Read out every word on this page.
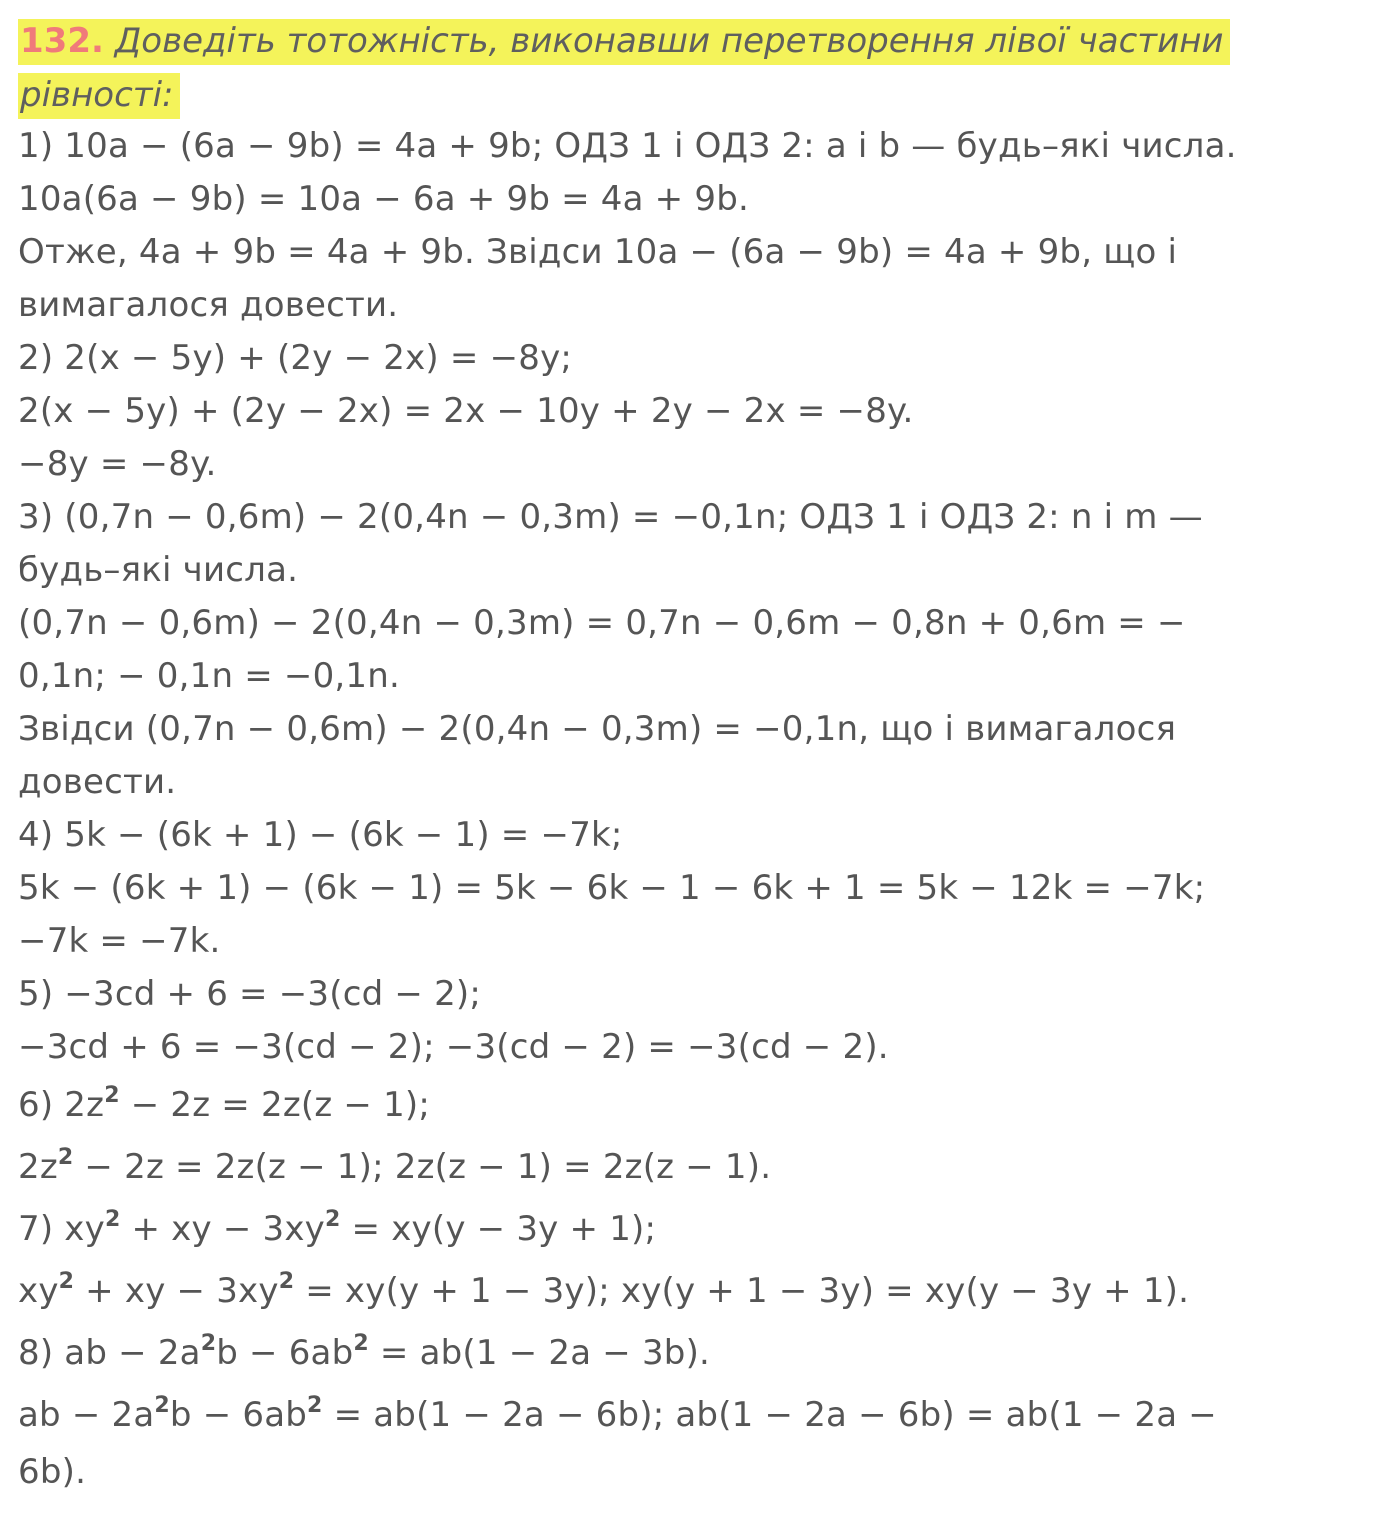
132. Доведіть тотожність, виконавши перетворення лівої частини рівності:
1) 10a − (6a − 9b) = 4a + 9b; ОДЗ 1 і ОДЗ 2: a і b — будь–які числа.
10a(6a − 9b) = 10a − 6a + 9b = 4a + 9b.
Отже, 4a + 9b = 4a + 9b. Звідси 10a − (6a − 9b) = 4a + 9b, що і
вимагалося довести.
2) 2(x − 5y) + (2y − 2x) = −8y;
2(x − 5y) + (2y − 2x) = 2x − 10y + 2y − 2x = −8y.
−8y = −8y.
3) (0,7n − 0,6m) − 2(0,4n − 0,3m) = −0,1n; ОДЗ 1 і ОДЗ 2: n і m —
будь–які числа.
(0,7n − 0,6m) − 2(0,4n − 0,3m) = 0,7n − 0,6m − 0,8n + 0,6m = −
0,1n; − 0,1n = −0,1n.
Звідси (0,7n − 0,6m) − 2(0,4n − 0,3m) = −0,1n, що і вимагалося
довести.
4) 5k − (6k + 1) − (6k − 1) = −7k;
5k − (6k + 1) − (6k − 1) = 5k − 6k − 1 − 6k + 1 = 5k − 12k = −7k;
−7k = −7k.
5) −3cd + 6 = −3(cd − 2);
−3cd + 6 = −3(cd − 2); −3(cd − 2) = −3(cd − 2).
6) $2z^2 - 2z = 2z(z - 1)$;
$2z^2 - 2z = 2z(z - 1)$; 2z(z − 1) = 2z(z − 1).
7) $xy^2$ + xy − $3xy^2 = xy(y - 3y + 1)$;
$xy^2$ + xy − $3xy^2 = xy(y + 1 - 3y)$; xy(y + 1 − 3y) = xy(y − 3y + 1).
8) ab − $2a^2b - 6ab^2 = ab(1 - 2a - 3b)$.
ab − $2a^2b - 6ab^2 = ab(1 - 2a - 6b)$; ab(1 − 2a − 6b) = ab(1 − 2a −
6b).
